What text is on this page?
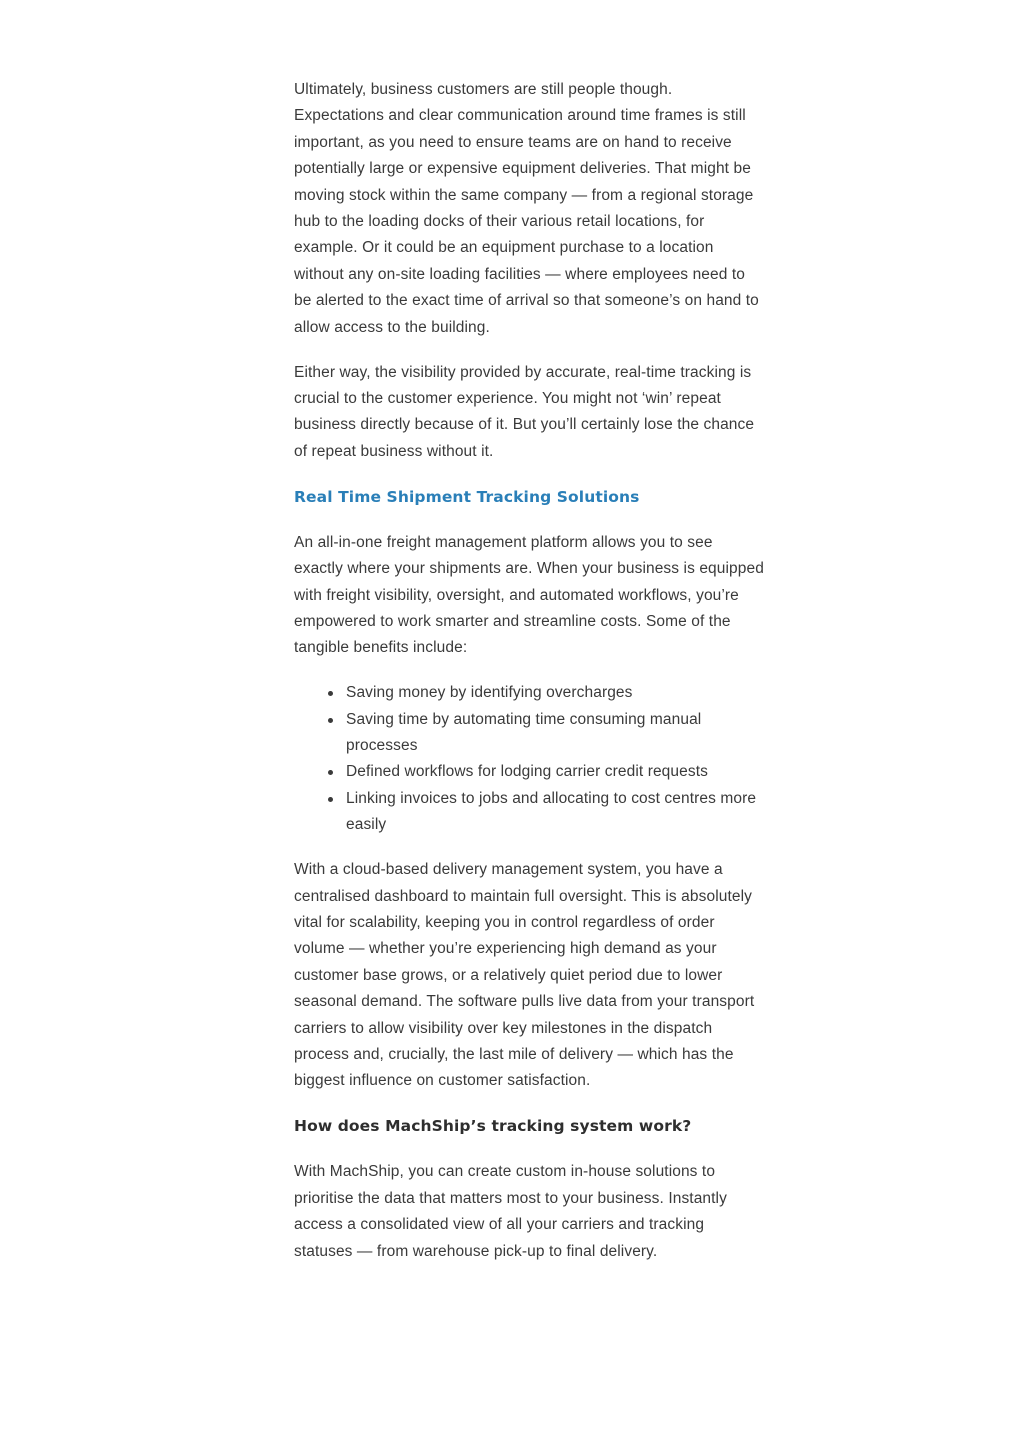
Ultimately, business customers are still people though. Expectations and clear communication around time frames is still important, as you need to ensure teams are on hand to receive potentially large or expensive equipment deliveries. That might be moving stock within the same company — from a regional storage hub to the loading docks of their various retail locations, for example. Or it could be an equipment purchase to a location without any on-site loading facilities — where employees need to be alerted to the exact time of arrival so that someone’s on hand to allow access to the building.

Either way, the visibility provided by accurate, real-time tracking is crucial to the customer experience. You might not ‘win’ repeat business directly because of it. But you’ll certainly lose the chance of repeat business without it.

Real Time Shipment Tracking Solutions

An all-in-one freight management platform allows you to see exactly where your shipments are. When your business is equipped with freight visibility, oversight, and automated workflows, you’re empowered to work smarter and streamline costs. Some of the tangible benefits include:

Saving money by identifying overcharges
Saving time by automating time consuming manual processes
Defined workflows for lodging carrier credit requests
Linking invoices to jobs and allocating to cost centres more easily

With a cloud-based delivery management system, you have a centralised dashboard to maintain full oversight. This is absolutely vital for scalability, keeping you in control regardless of order volume — whether you’re experiencing high demand as your customer base grows, or a relatively quiet period due to lower seasonal demand. The software pulls live data from your transport carriers to allow visibility over key milestones in the dispatch process and, crucially, the last mile of delivery — which has the biggest influence on customer satisfaction.

How does MachShip’s tracking system work?

With MachShip, you can create custom in-house solutions to prioritise the data that matters most to your business. Instantly access a consolidated view of all your carriers and tracking statuses — from warehouse pick-up to final delivery.
